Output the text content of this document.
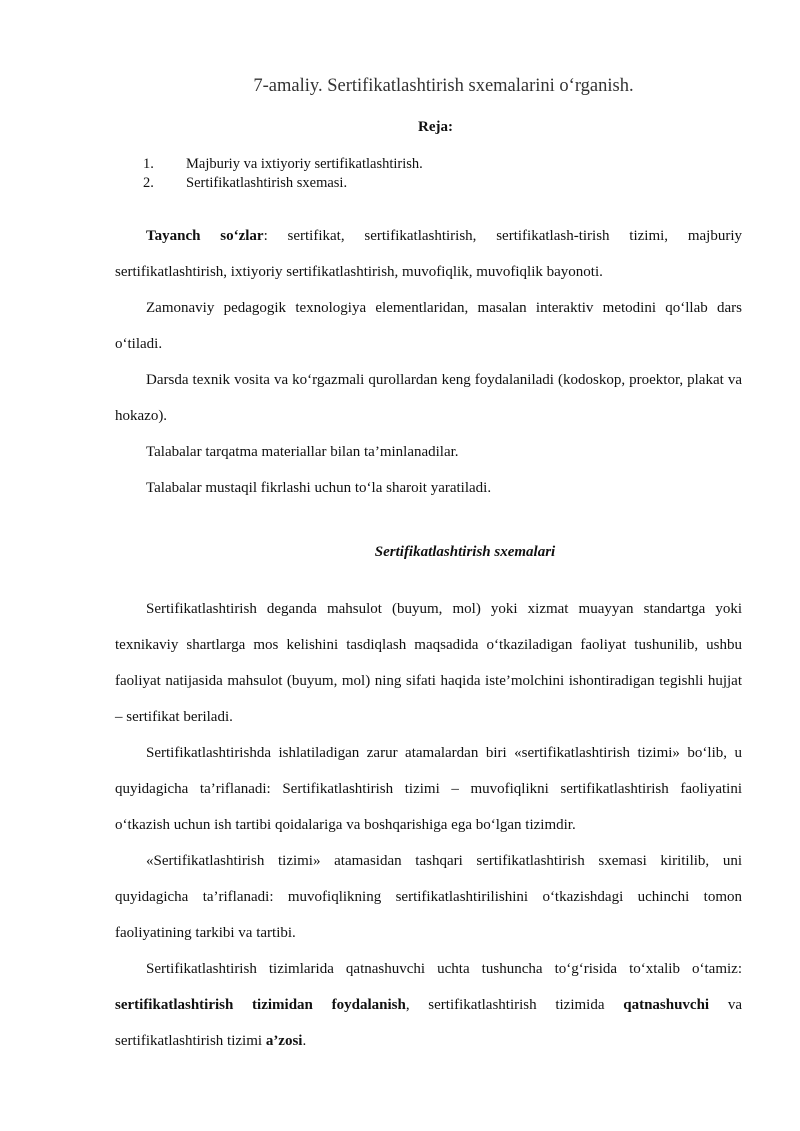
7-amaliy. Sertifikatlashtirish sxemalarini o‘rganish.
Reja:
1.	Majburiy va ixtiyoriy sertifikatlashtirish.
2.	Sertifikatlashtirish sxemasi.
Tayanch so‘zlar: sertifikat, sertifikatlashtirish, sertifikatlash-tirish tizimi, majburiy sertifikatlashtirish, ixtiyoriy sertifikatlashtirish, muvofiqlik, muvofiqlik bayonoti.
Zamonaviy pedagogik texnologiya elementlaridan, masalan interaktiv metodini qo‘llab dars o‘tiladi.
Darsda texnik vosita va ko‘rgazmali qurollardan keng foydalaniladi (kodoskop, proektor, plakat va hokazo).
Talabalar tarqatma materiallar bilan ta’minlanadilar.
Talabalar mustaqil fikrlashi uchun to‘la sharoit yaratiladi.
Sertifikatlashtirish sxemalari
Sertifikatlashtirish deganda mahsulot (buyum, mol) yoki xizmat muayyan standartga yoki texnikaviy shartlarga mos kelishini tasdiqlash maqsadida o‘tkaziladigan faoliyat tushunilib, ushbu faoliyat natijasida mahsulot (buyum, mol) ning sifati haqida iste’molchini ishontiradigan tegishli hujjat – sertifikat beriladi.
Sertifikatlashtirishda ishlatiladigan zarur atamalardan biri «sertifikatlashtirish tizimi» bo‘lib, u quyidagicha ta’riflanadi: Sertifikatlashtirish tizimi – muvofiqlikni sertifikatlashtirish faoliyatini o‘tkazish uchun ish tartibi qoidalariga va boshqarishiga ega bo‘lgan tizimdir.
«Sertifikatlashtirish tizimi» atamasidan tashqari sertifikatlashtirish sxemasi kiritilib, uni quyidagicha ta’riflanadi: muvofiqlikning sertifikatlashtirilishini o‘tkazishdagi uchinchi tomon faoliyatining tarkibi va tartibi.
Sertifikatlashtirish tizimlarida qatnashuvchi uchta tushuncha to‘g‘risida to‘xtalib o‘tamiz: sertifikatlashtirish tizimidan foydalanish, sertifikatlashtirish tizimida qatnashuvchi va sertifikatlashtirish tizimi a’zosi.
